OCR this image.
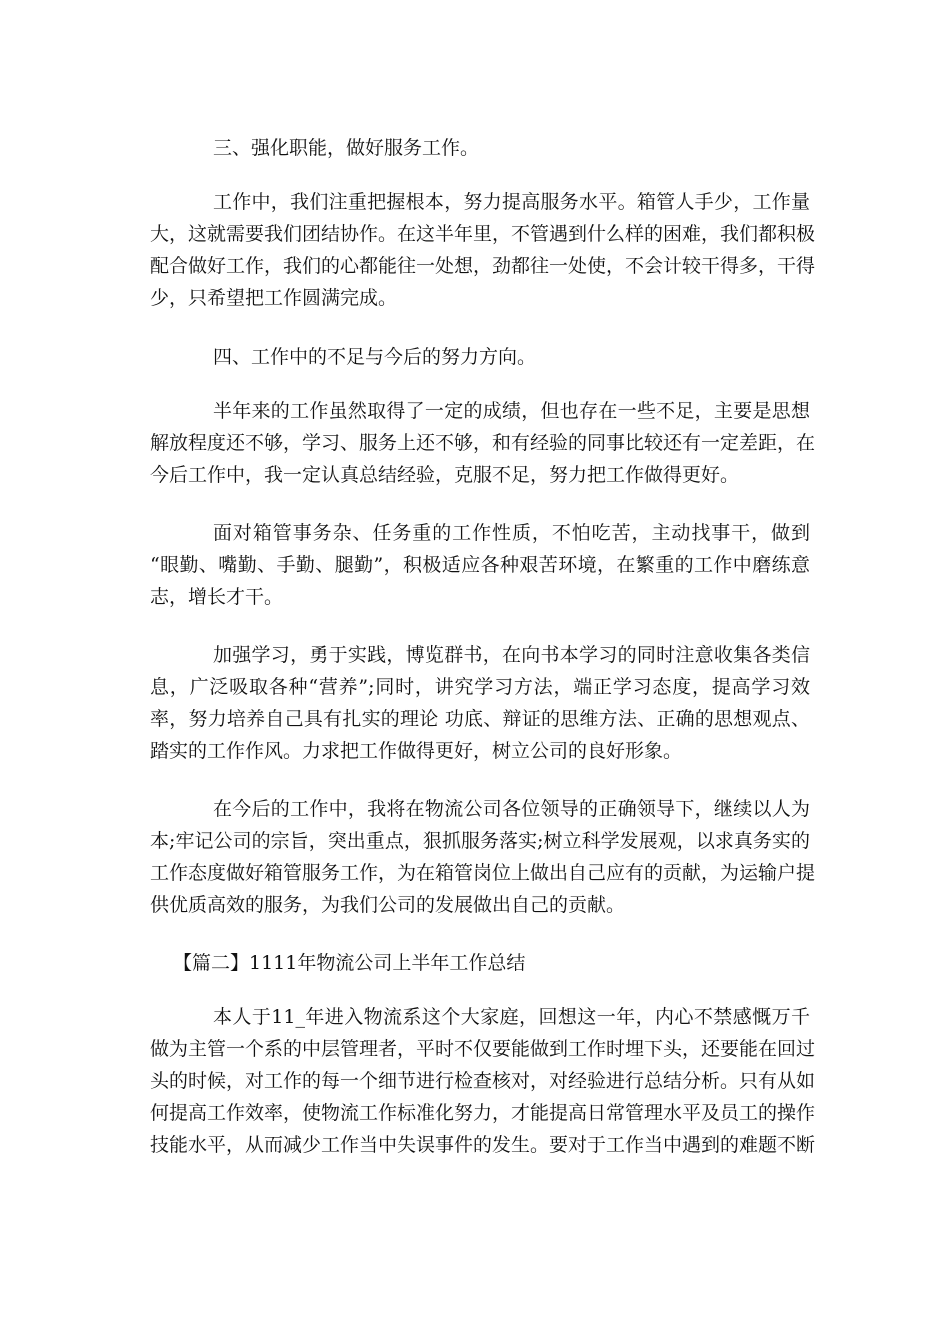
三、强化职能，做好服务工作。
工作中，我们注重把握根本，努力提高服务水平。箱管人手少，工作量
大，这就需要我们团结协作。在这半年里，不管遇到什么样的困难，我们都积极
配合做好工作，我们的心都能往一处想，劲都往一处使，不会计较干得多，干得
少，只希望把工作圆满完成。
四、工作中的不足与今后的努力方向。
半年来的工作虽然取得了一定的成绩，但也存在一些不足，主要是思想
解放程度还不够，学习、服务上还不够，和有经验的同事比较还有一定差距，在
今后工作中，我一定认真总结经验，克服不足，努力把工作做得更好。
面对箱管事务杂、任务重的工作性质，不怕吃苦，主动找事干，做到
“眼勤、嘴勤、手勤、腿勤”，积极适应各种艰苦环境，在繁重的工作中磨练意
志，增长才干。
加强学习，勇于实践，博览群书，在向书本学习的同时注意收集各类信
息，广泛吸取各种“营养”;同时，讲究学习方法，端正学习态度，提高学习效
率，努力培养自己具有扎实的理论 功底、辩证的思维方法、正确的思想观点、
踏实的工作作风。力求把工作做得更好，树立公司的良好形象。
在今后的工作中，我将在物流公司各位领导的正确领导下，继续以人为
本;牢记公司的宗旨，突出重点，狠抓服务落实;树立科学发展观，以求真务实的
工作态度做好箱管服务工作，为在箱管岗位上做出自己应有的贡献，为运输户提
供优质高效的服务，为我们公司的发展做出自己的贡献。
【篇二】1111年物流公司上半年工作总结
本人于11_年进入物流系这个大家庭，回想这一年，内心不禁感慨万千
做为主管一个系的中层管理者，平时不仅要能做到工作时埋下头，还要能在回过
头的时候，对工作的每一个细节进行检查核对，对经验进行总结分析。只有从如
何提高工作效率，使物流工作标准化努力，才能提高日常管理水平及员工的操作
技能水平，从而减少工作当中失误事件的发生。要对于工作当中遇到的难题不断
